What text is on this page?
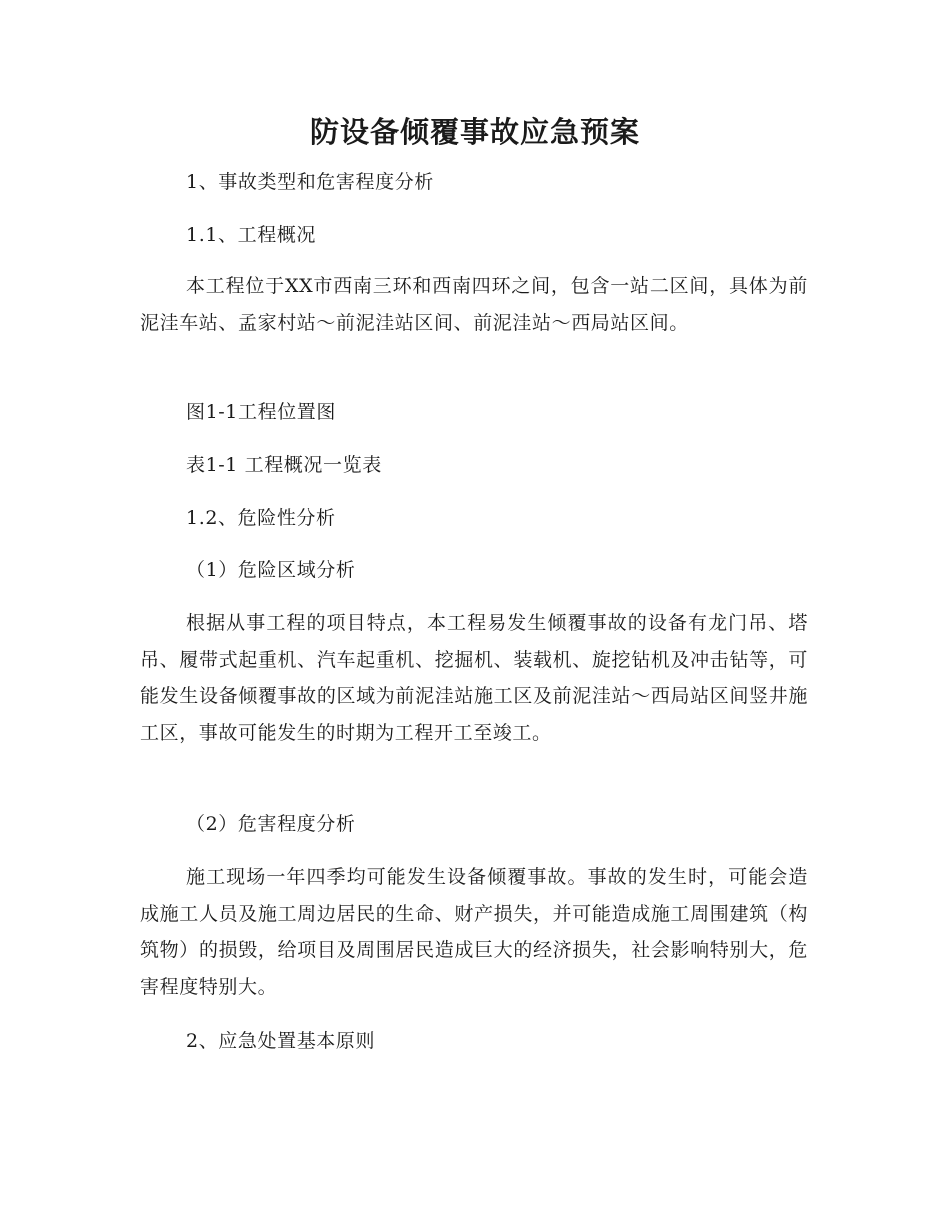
防设备倾覆事故应急预案
1、事故类型和危害程度分析
1.1、工程概况
本工程位于XX市西南三环和西南四环之间，包含一站二区间，具体为前泥洼车站、孟家村站～前泥洼站区间、前泥洼站～西局站区间。
图1-1工程位置图
表1-1 工程概况一览表
1.2、危险性分析
（1）危险区域分析
根据从事工程的项目特点，本工程易发生倾覆事故的设备有龙门吊、塔吊、履带式起重机、汽车起重机、挖掘机、装载机、旋挖钻机及冲击钻等，可能发生设备倾覆事故的区域为前泥洼站施工区及前泥洼站～西局站区间竖井施工区，事故可能发生的时期为工程开工至竣工。
（2）危害程度分析
施工现场一年四季均可能发生设备倾覆事故。事故的发生时，可能会造成施工人员及施工周边居民的生命、财产损失，并可能造成施工周围建筑（构筑物）的损毁，给项目及周围居民造成巨大的经济损失，社会影响特别大，危害程度特别大。
2、应急处置基本原则
